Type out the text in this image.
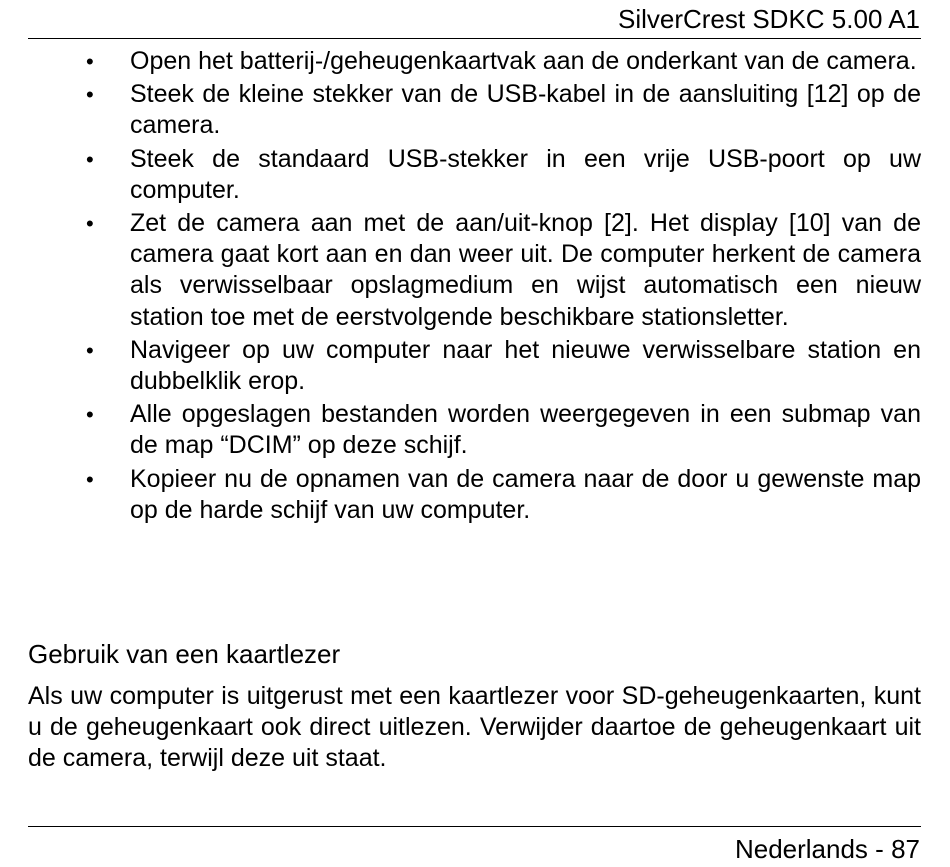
SilverCrest SDKC 5.00 A1
• Open het batterij-/geheugenkaartvak aan de onderkant van de camera.
• Steek de kleine stekker van de USB-kabel in de aansluiting [12] op de camera.
• Steek de standaard USB-stekker in een vrije USB-poort op uw computer.
• Zet de camera aan met de aan/uit-knop [2]. Het display [10] van de camera gaat kort aan en dan weer uit. De computer herkent de camera als verwisselbaar opslagmedium en wijst automatisch een nieuw station toe met de eerstvolgende beschikbare stationsletter.
• Navigeer op uw computer naar het nieuwe verwisselbare station en dubbelklik erop.
• Alle opgeslagen bestanden worden weergegeven in een submap van de map “DCIM” op deze schijf.
• Kopieer nu de opnamen van de camera naar de door u gewenste map op de harde schijf van uw computer.
Gebruik van een kaartlezer

Als uw computer is uitgerust met een kaartlezer voor SD-geheugenkaarten, kunt u de geheugenkaart ook direct uitlezen. Verwijder daartoe de geheugenkaart uit de camera, terwijl deze uit staat.

Nederlands - 87
